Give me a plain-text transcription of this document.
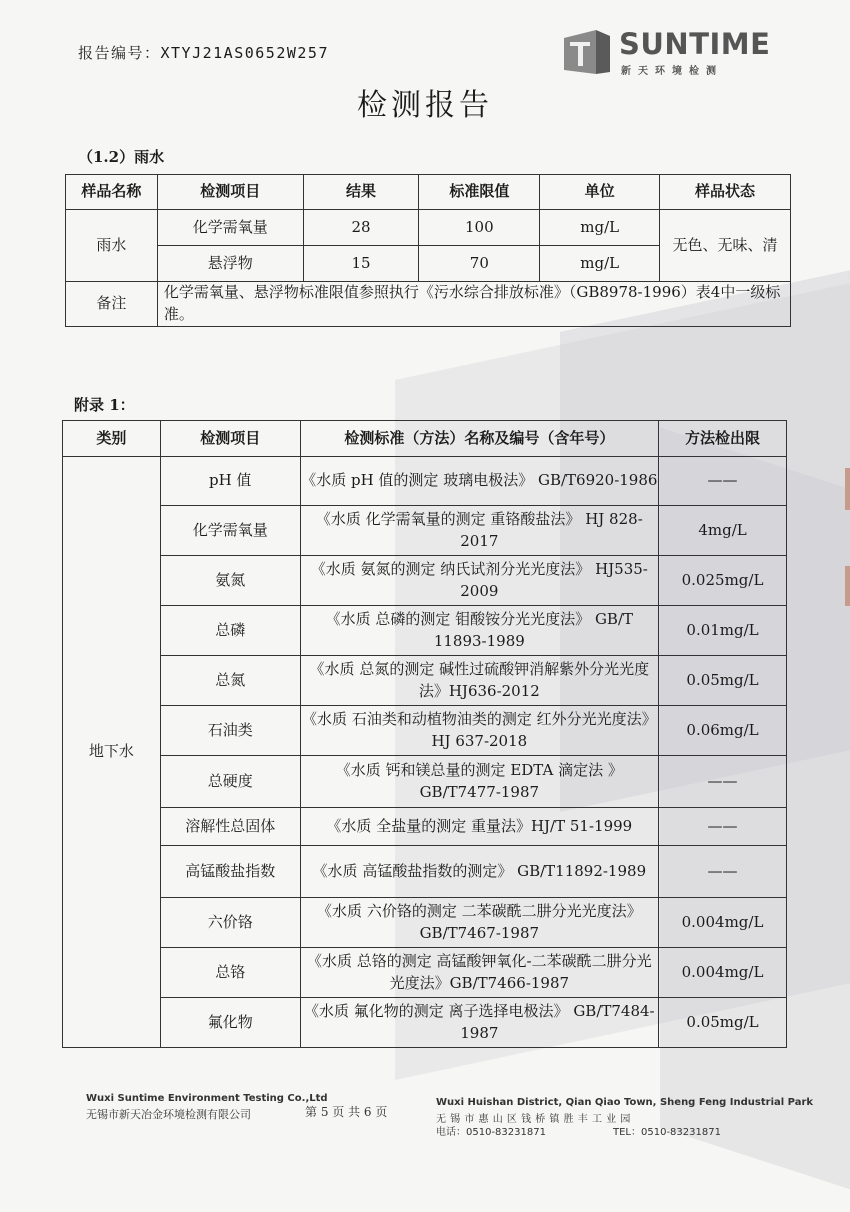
报告编号：XTYJ21AS0652W257	SUNTIME
新天环境检测
检测报告
（1.2）雨水
样品名称	检测项目	结果	标准限值	单位	样品状态
雨水	化学需氧量	28	100	mg/L	无色、无味、清
	悬浮物	15	70	mg/L	
备注	化学需氧量、悬浮物标准限值参照执行《污水综合排放标准》（GB8978-1996）表4中一级标准。				
附录 1：
类别	检测项目	检测标准（方法）名称及编号（含年号）	方法检出限
地下水	pH 值	《水质 pH 值的测定 玻璃电极法》 GB/T6920-1986	——
	化学需氧量	《水质 化学需氧量的测定 重铬酸盐法》 HJ 828-2017	4mg/L
	氨氮	《水质 氨氮的测定 纳氏试剂分光光度法》 HJ535-2009	0.025mg/L
	总磷	《水质 总磷的测定 钼酸铵分光光度法》 GB/T 11893-1989	0.01mg/L
	总氮	《水质 总氮的测定 碱性过硫酸钾消解紫外分光光度法》HJ636-2012	0.05mg/L
	石油类	《水质 石油类和动植物油类的测定 红外分光光度法》HJ 637-2018	0.06mg/L
	总硬度	《水质 钙和镁总量的测定 EDTA 滴定法 》 GB/T7477-1987	——
	溶解性总固体	《水质 全盐量的测定 重量法》HJ/T 51-1999	——
	高锰酸盐指数	《水质 高锰酸盐指数的测定》 GB/T11892-1989	——
	六价铬	《水质 六价铬的测定 二苯碳酰二肼分光光度法》 GB/T7467-1987	0.004mg/L
	总铬	《水质 总铬的测定 高锰酸钾氧化-二苯碳酰二肼分光光度法》GB/T7466-1987	0.004mg/L
	氟化物	《水质 氟化物的测定 离子选择电极法》 GB/T7484-1987	0.05mg/L
Wuxi Suntime Environment Testing Co.,Ltd
无锡市新天冶金环境检测有限公司	第 5 页 共 6 页
Wuxi Huishan District, Qian Qiao Town, Sheng Feng Industrial Park
无 锡 市 惠 山 区 钱 桥 镇 胜 丰 工 业 园
电话：0510-83231871	TEL：0510-83231871
